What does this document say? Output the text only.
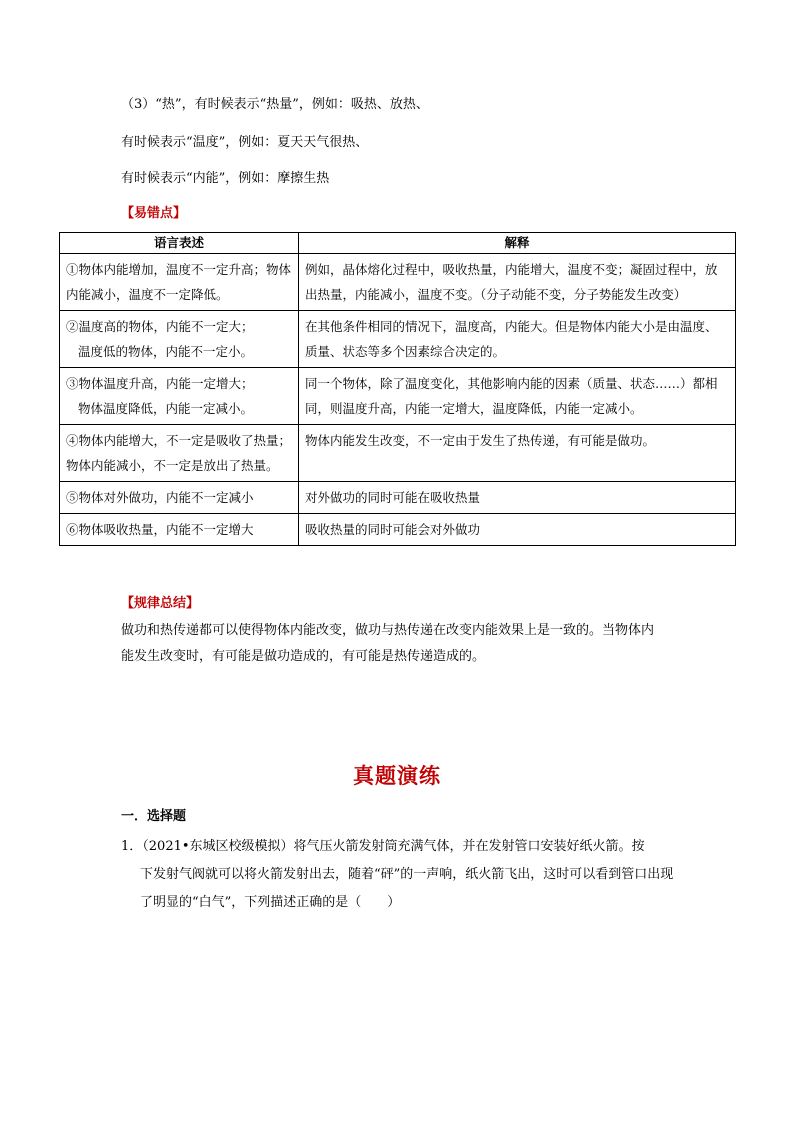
（3）“热”，有时候表示“热量”，例如：吸热、放热、
有时候表示“温度”，例如：夏天天气很热、
有时候表示“内能”，例如：摩擦生热
【易错点】
语言表述	解释
①物体内能增加，温度不一定升高；物体内能减小，温度不一定降低。	例如，晶体熔化过程中，吸收热量，内能增大，温度不变；凝固过程中，放出热量，内能减小，温度不变。（分子动能不变，分子势能发生改变）

②温度高的物体，内能不一定大；
温度低的物体，内能不一定小。	在其他条件相同的情况下，温度高，内能大。但是物体内能大小是由温度、质量、状态等多个因素综合决定的。

③物体温度升高，内能一定增大；
物体温度降低，内能一定减小。	同一个物体，除了温度变化，其他影响内能的因素（质量、状态……）都相同，则温度升高，内能一定增大，温度降低，内能一定减小。
④物体内能增大，不一定是吸收了热量；物体内能减小，不一定是放出了热量。	物体内能发生改变，不一定由于发生了热传递，有可能是做功。
⑤物体对外做功，内能不一定减小	对外做功的同时可能在吸收热量
⑥物体吸收热量，内能不一定增大	吸收热量的同时可能会对外做功
【规律总结】
做功和热传递都可以使得物体内能改变，做功与热传递在改变内能效果上是一致的。当物体内能发生改变时，有可能是做功造成的，有可能是热传递造成的。
真题演练
一．选择题
1．（2021•东城区校级模拟）将气压火箭发射筒充满气体，并在发射管口安装好纸火箭。按
下发射气阀就可以将火箭发射出去，随着“砰”的一声响，纸火箭飞出，这时可以看到管口出现了明显的“白气”，下列描述正确的是（　　）
